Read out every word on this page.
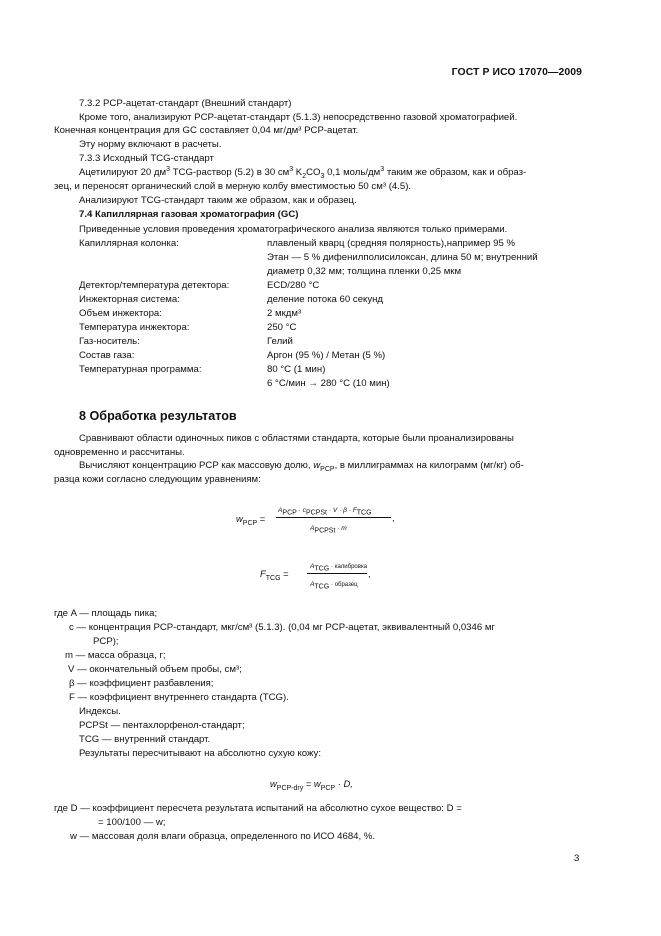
ГОСТ Р ИСО 17070—2009
7.3.2 PCP-ацетат-стандарт (Внешний стандарт)
Кроме того, анализируют PCP-ацетат-стандарт (5.1.3) непосредственно газовой хроматографией.
Конечная концентрация для GC составляет 0,04 мг/дм³ PCP-ацетат.
Эту норму включают в расчеты.
7.3.3 Исходный TCG-стандарт
Ацетилируют 20 $дм^3$ TCG-раствор (5.2) в 30 $см^3$ $K_2CO_3$ 0,1 моль/$дм^3$ таким же образом, как и образ-
зец, и переносят органический слой в мерную колбу вместимостью 50 см³ (4.5).
Анализируют TCG-стандарт таким же образом, как и образец.
7.4 Капиллярная газовая хроматография (GC)
Приведенные условия проведения хроматографического анализа являются только примерами.
Капиллярная колонка:	плавленый кварц (средняя полярность),например 95 %
Этан — 5 % дифенилполисилоксан, длина 50 м; внутренний
диаметр 0,32 мм; толщина пленки 0,25 мкм
Детектор/температура детектора:	ECD/280 °C
Инжекторная система:	деление потока 60 секунд
Объем инжектора:	2 мкдм³
Температура инжектора:	250 °C
Газ-носитель:	Гелий
Состав газа:	Аргон (95 %) / Метан (5 %)
Температурная программа:	80 °C (1 мин)
6 °C/мин → 280 °C (10 мин)
8 Обработка результатов
Сравнивают области одиночных пиков с областями стандарта, которые были проанализированы
одновременно и рассчитаны.
Вычисляют концентрацию PCP как массовую долю, $w_{PCP}$, в миллиграммах на килограмм (мг/кг) об-
разца кожи согласно следующим уравнениям:
$w_{PCP}$ =
$A_{PCP} \cdot c_{PCPSt} \cdot V \cdot \beta \cdot F_{TCG}$
$A_{PCPSt} \cdot m$
,
$F_{TCG}$ =
$A_{TCG}$ · калибровка
$A_{TCG}$ · образец
,
где A — площадь пика;
c — концентрация PCP-стандарт, мкг/см³ (5.1.3). (0,04 мг PCP-ацетат, эквивалентный 0,0346 мг
PCP);
m — масса образца, г;
V — окончательный объем пробы, см³;
β — коэффициент разбавления;
F — коэффициент внутреннего стандарта (TCG).
Индексы.
PCPSt — пентахлорфенол-стандарт;
TCG — внутренний стандарт.
Результаты пересчитывают на абсолютно сухую кожу:
$w_{PCP-dry} = w_{PCP} \cdot D$,
где D — коэффициент пересчета результата испытаний на абсолютно сухое вещество: D =
= 100/100 — w;
w — массовая доля влаги образца, определенного по ИСО 4684, %.
3
